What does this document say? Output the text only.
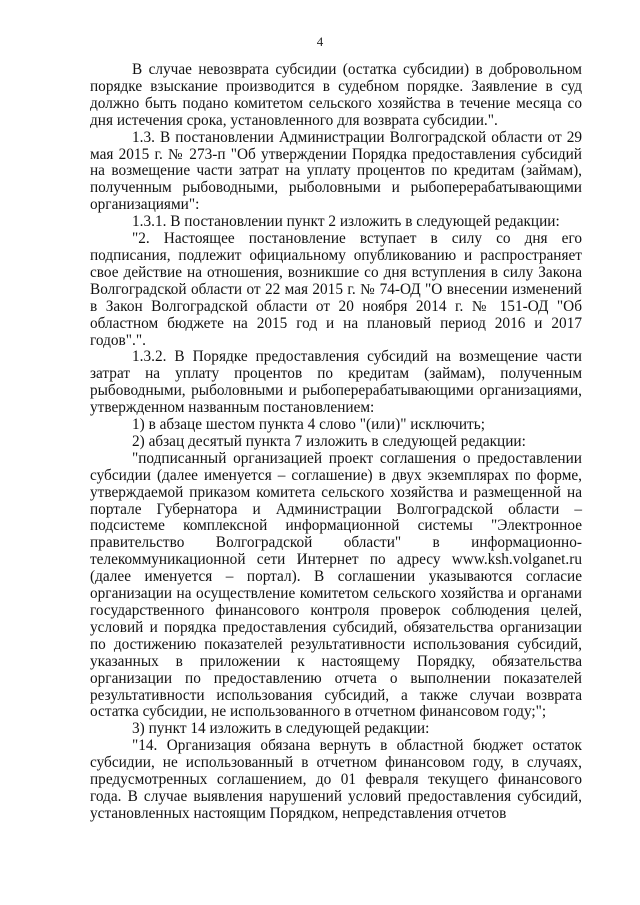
4

В случае невозврата субсидии (остатка субсидии) в добровольном порядке взыскание производится в судебном порядке. Заявление в суд должно быть подано комитетом сельского хозяйства в течение месяца со дня истечения срока, установленного для возврата субсидии.".

1.3. В постановлении Администрации Волгоградской области от 29 мая 2015 г. № 273-п "Об утверждении Порядка предоставления субсидий на возмещение части затрат на уплату процентов по кредитам (займам), полученным рыбоводными, рыболовными и рыбоперерабатывающими организациями":

1.3.1. В постановлении пункт 2 изложить в следующей редакции:

"2. Настоящее постановление вступает в силу со дня его подписания, подлежит официальному опубликованию и распространяет свое действие на отношения, возникшие со дня вступления в силу Закона Волгоградской области от 22 мая 2015 г. № 74-ОД "О внесении изменений в Закон Волгоградской области от 20 ноября 2014 г. № 151-ОД "Об областном бюджете на 2015 год и на плановый период 2016 и 2017 годов".".

1.3.2. В Порядке предоставления субсидий на возмещение части затрат на уплату процентов по кредитам (займам), полученным рыбоводными, рыболовными и рыбоперерабатывающими организациями, утвержденном названным постановлением:

1) в абзаце шестом пункта 4 слово "(или)" исключить;

2) абзац десятый пункта 7 изложить в следующей редакции:

"подписанный организацией проект соглашения о предоставлении субсидии (далее именуется – соглашение) в двух экземплярах по форме, утверждаемой приказом комитета сельского хозяйства и размещенной на портале Губернатора и Администрации Волгоградской области – подсистеме комплексной информационной системы "Электронное правительство Волгоградской области" в информационно-телекоммуникационной сети Интернет по адресу www.ksh.volganet.ru (далее именуется – портал). В соглашении указываются согласие организации на осуществление комитетом сельского хозяйства и органами государственного финансового контроля проверок соблюдения целей, условий и порядка предоставления субсидий, обязательства организации по достижению показателей результативности использования субсидий, указанных в приложении к настоящему Порядку, обязательства организации по предоставлению отчета о выполнении показателей результативности использования субсидий, а также случаи возврата остатка субсидии, не использованного в отчетном финансовом году;";

3) пункт 14 изложить в следующей редакции:

"14. Организация обязана вернуть в областной бюджет остаток субсидии, не использованный в отчетном финансовом году, в случаях, предусмотренных соглашением, до 01 февраля текущего финансового года. В случае выявления нарушений условий предоставления субсидий, установленных настоящим Порядком, непредставления отчетов
